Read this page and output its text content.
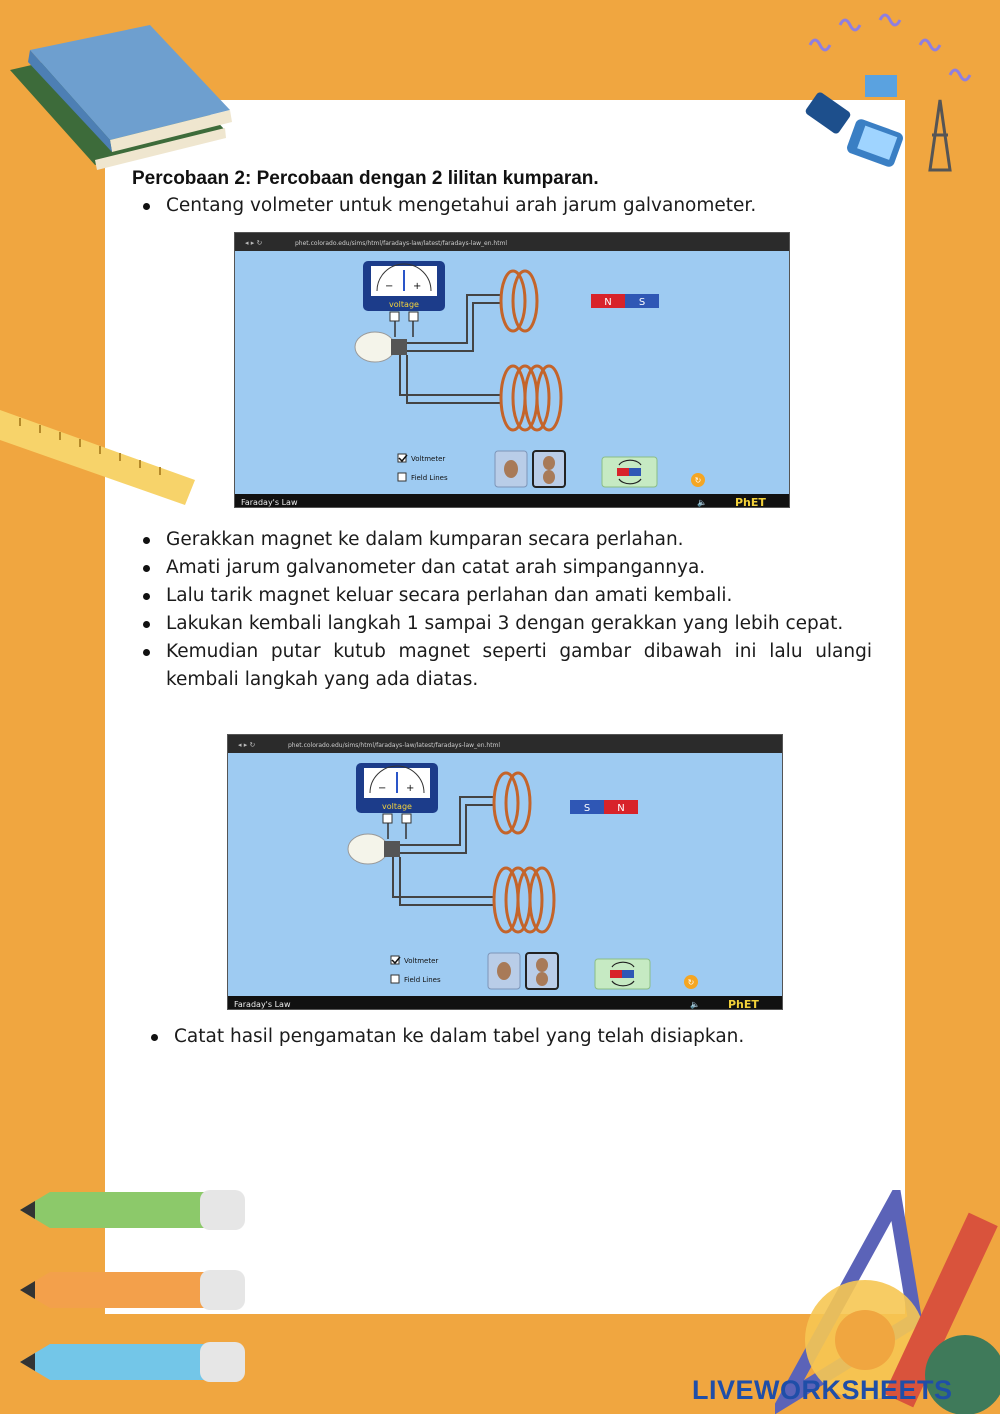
LIVEWORKSHEETS
Percobaan 2: Percobaan dengan 2 lilitan kumparan.
Centang volmeter untuk mengetahui arah jarum galvanometer.
◂ ▸ ↻	phet.colorado.edu/sims/html/faradays-law/latest/faradays-law_en.html
− +
voltage	N	S
Voltmeter
Field Lines	↻
Faraday's Law	🔈	PhET
Gerakkan magnet ke dalam kumparan secara perlahan.
Amati jarum galvanometer dan catat arah simpangannya.
Lalu tarik magnet keluar secara perlahan dan amati kembali.
Lakukan kembali langkah 1 sampai 3 dengan gerakkan yang lebih cepat.
Kemudian putar kutub magnet seperti gambar dibawah ini lalu ulangi kembali langkah yang ada diatas.
◂ ▸ ↻	phet.colorado.edu/sims/html/faradays-law/latest/faradays-law_en.html
− +
voltage	S	N
Voltmeter
Field Lines	↻
Faraday's Law	🔈	PhET
Catat hasil pengamatan ke dalam tabel yang telah disiapkan.
